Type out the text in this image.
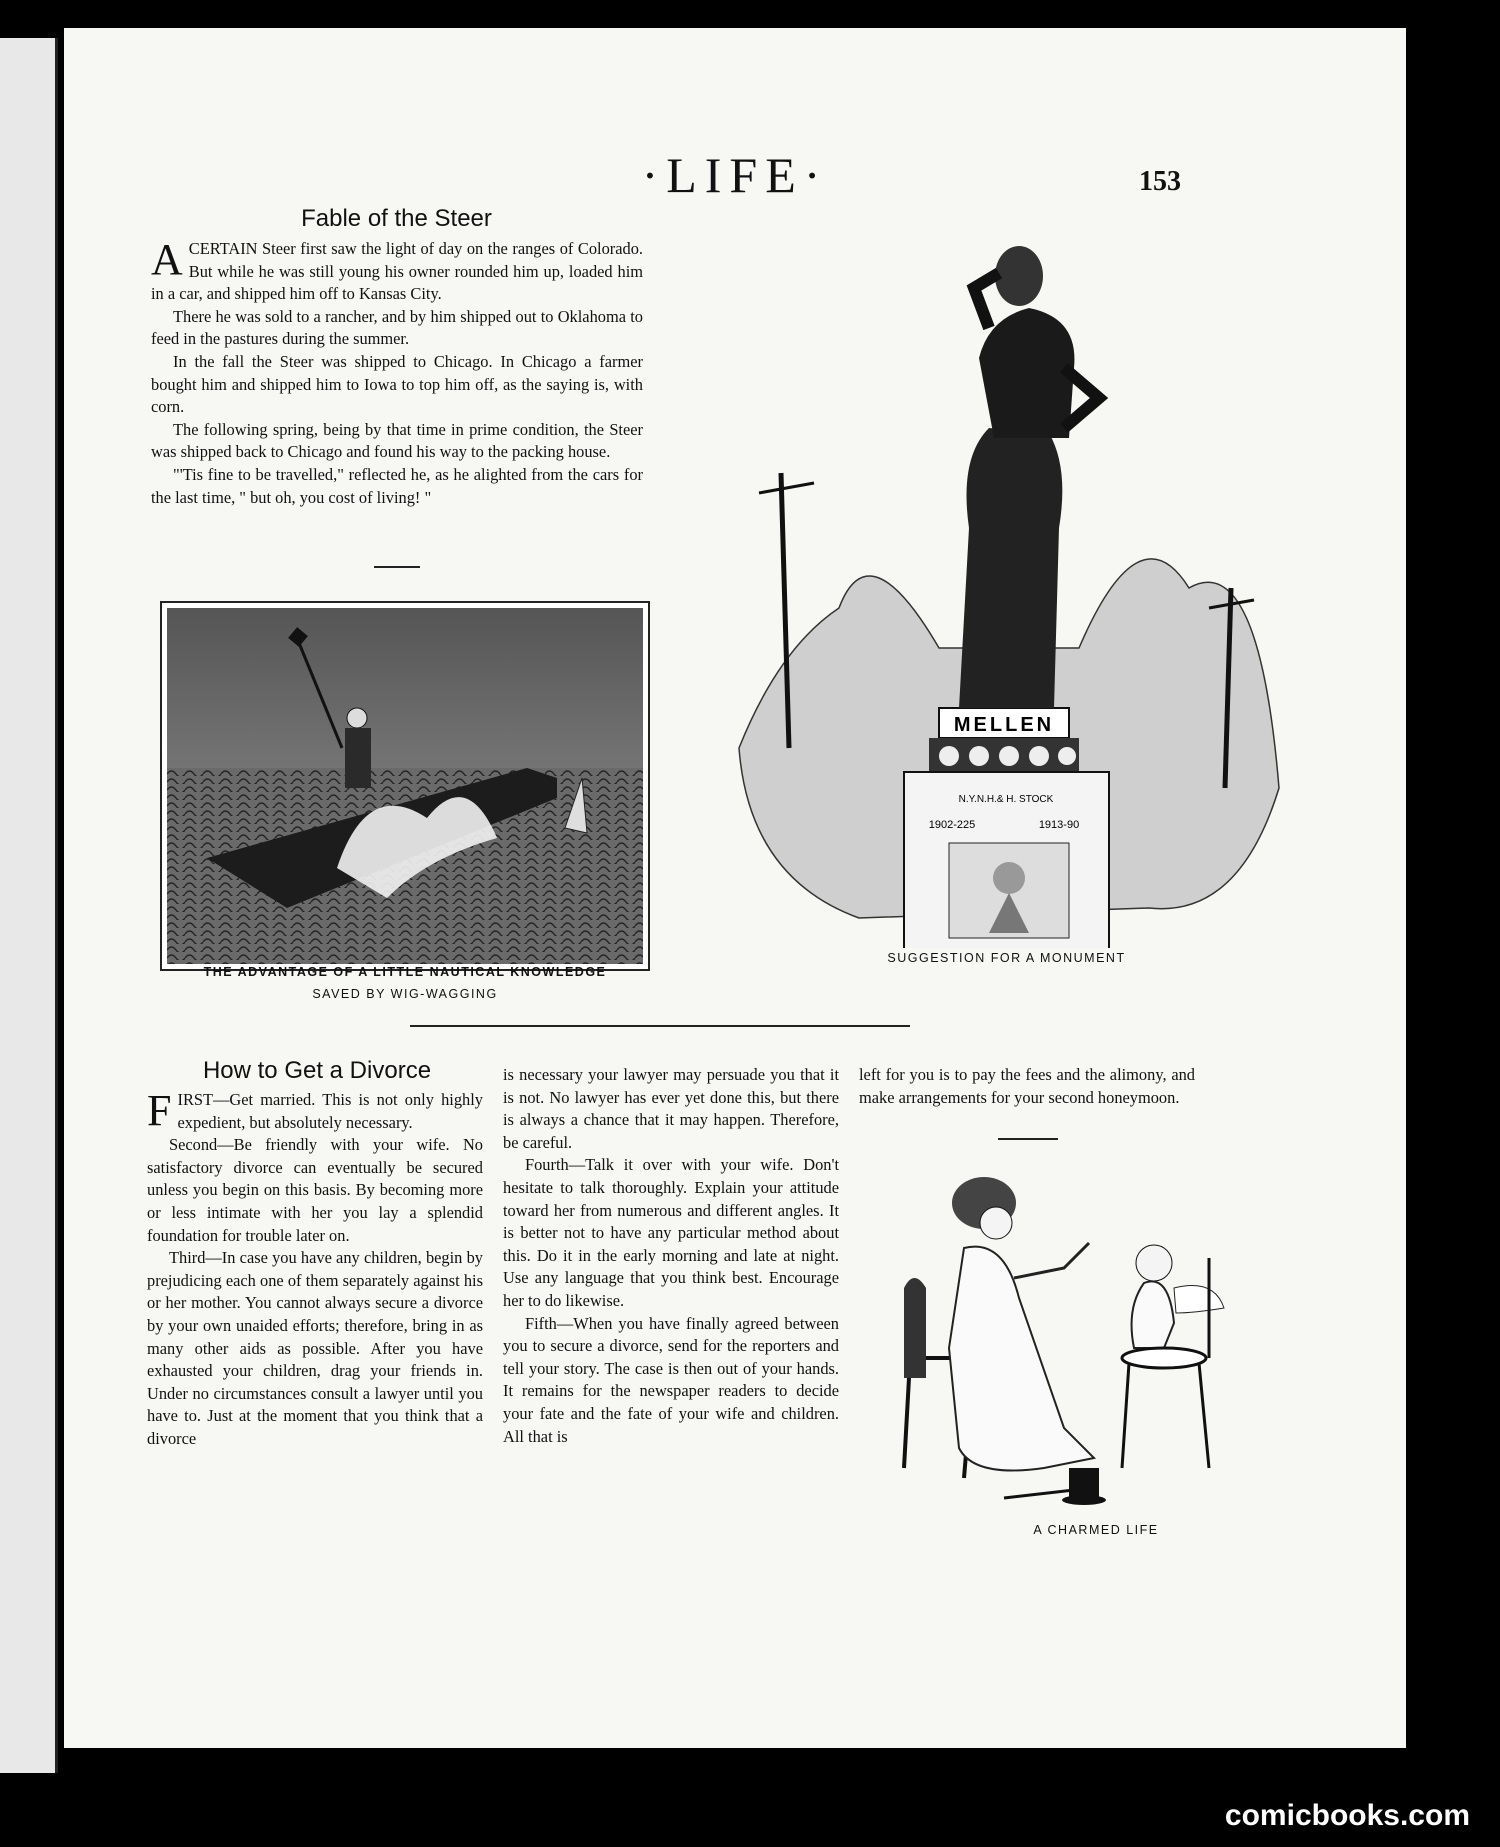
·LIFE·	153
Fable of the Steer

A CERTAIN Steer first saw the light of day on the ranges of Colorado. But while he was still young his owner rounded him up, loaded him in a car, and shipped him off to Kansas City.

There he was sold to a rancher, and by him shipped out to Oklahoma to feed in the pastures during the summer.

In the fall the Steer was shipped to Chicago. In Chicago a farmer bought him and shipped him to Iowa to top him off, as the saying is, with corn.

The following spring, being by that time in prime condition, the Steer was shipped back to Chicago and found his way to the packing house.

"'Tis fine to be travelled," reflected he, as he alighted from the cars for the last time, " but oh, you cost of living! "

THE ADVANTAGE OF A LITTLE NAUTICAL KNOWLEDGE
SAVED BY WIG-WAGGING
MELLEN
N.Y.N.H.& H. STOCK
1902-225	1913-90
SUGGESTION FOR A MONUMENT
How to Get a Divorce

FIRST—Get married. This is not only highly expedient, but absolutely necessary.

Second—Be friendly with your wife. No satisfactory divorce can eventually be secured unless you begin on this basis. By becoming more or less intimate with her you lay a splendid foundation for trouble later on.

Third—In case you have any children, begin by prejudicing each one of them separately against his or her mother. You cannot always secure a divorce by your own unaided efforts; therefore, bring in as many other aids as possible. After you have exhausted your children, drag your friends in. Under no circumstances consult a lawyer until you have to. Just at the moment that you think that a divorce

is necessary your lawyer may persuade you that it is not. No lawyer has ever yet done this, but there is always a chance that it may happen. Therefore, be careful.

Fourth—Talk it over with your wife. Don't hesitate to talk thoroughly. Explain your attitude toward her from numerous and different angles. It is better not to have any particular method about this. Do it in the early morning and late at night. Use any language that you think best. Encourage her to do likewise.

Fifth—When you have finally agreed between you to secure a divorce, send for the reporters and tell your story. The case is then out of your hands. It remains for the newspaper readers to decide your fate and the fate of your wife and children. All that is

left for you is to pay the fees and the alimony, and make arrangements for your second honeymoon.

A CHARMED LIFE
comicbooks.com
